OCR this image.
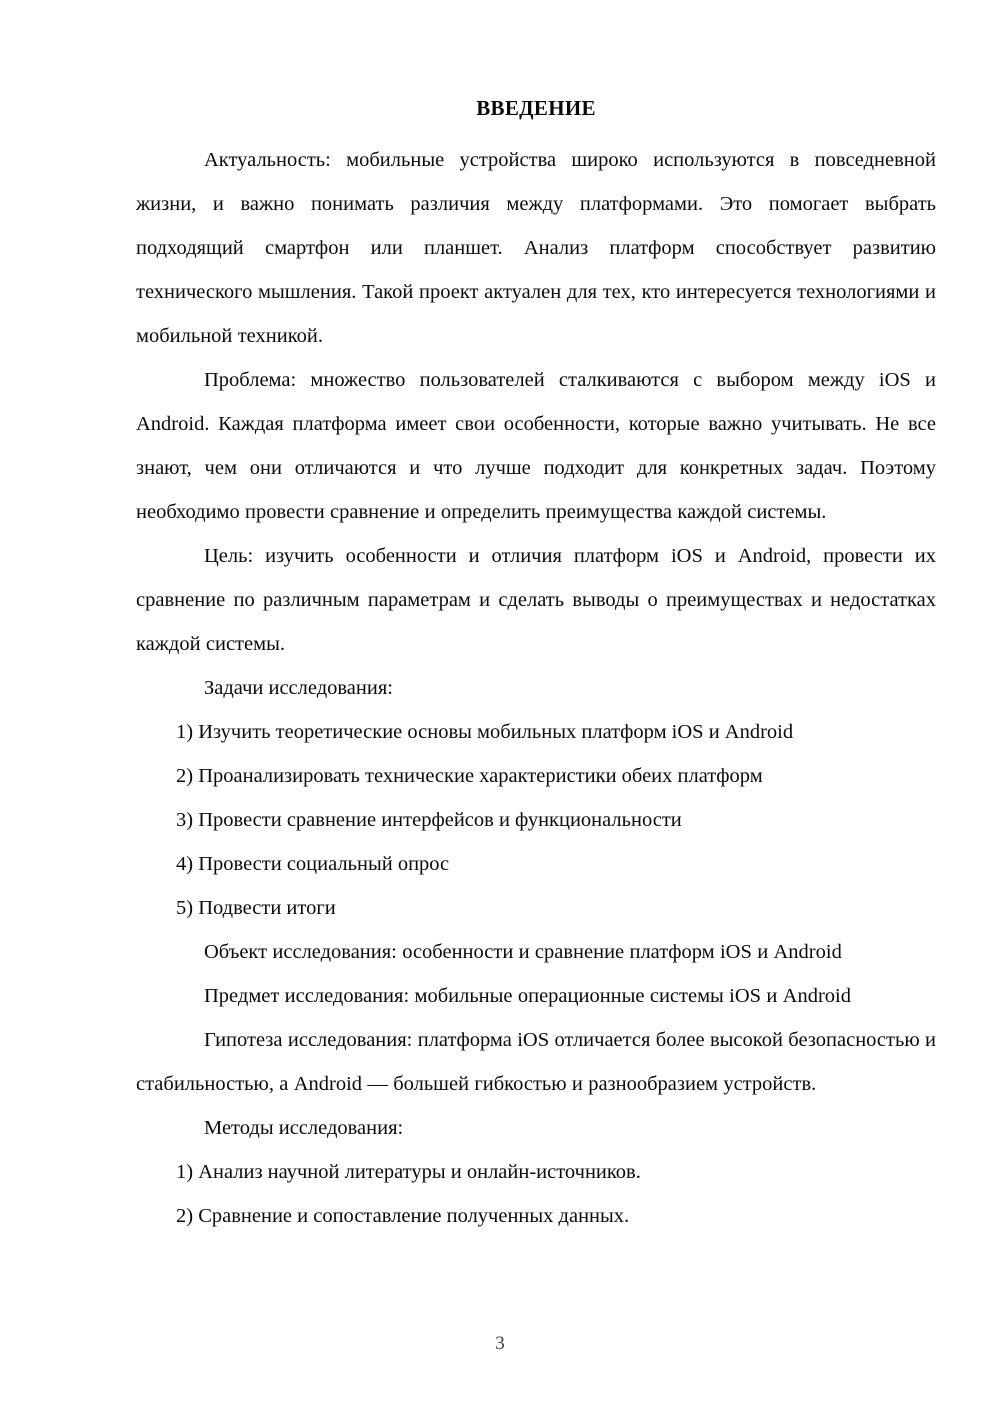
ВВЕДЕНИЕ

Актуальность: мобильные устройства широко используются в повседневной жизни, и важно понимать различия между платформами. Это помогает выбрать подходящий смартфон или планшет. Анализ платформ способствует развитию технического мышления. Такой проект актуален для тех, кто интересуется технологиями и мобильной техникой.

Проблема: множество пользователей сталкиваются с выбором между iOS и Android. Каждая платформа имеет свои особенности, которые важно учитывать. Не все знают, чем они отличаются и что лучше подходит для конкретных задач. Поэтому необходимо провести сравнение и определить преимущества каждой системы.

Цель: изучить особенности и отличия платформ iOS и Android, провести их сравнение по различным параметрам и сделать выводы о преимуществах и недостатках каждой системы.

Задачи исследования:

1) Изучить теоретические основы мобильных платформ iOS и Android

2) Проанализировать технические характеристики обеих платформ

3) Провести сравнение интерфейсов и функциональности

4) Провести социальный опрос

5) Подвести итоги

Объект исследования: особенности и сравнение платформ iOS и Android

Предмет исследования: мобильные операционные системы iOS и Android

Гипотеза исследования: платформа iOS отличается более высокой безопасностью и стабильностью, а Android — большей гибкостью и разнообразием устройств.

Методы исследования:

1) Анализ научной литературы и онлайн-источников.

2) Сравнение и сопоставление полученных данных.

3
